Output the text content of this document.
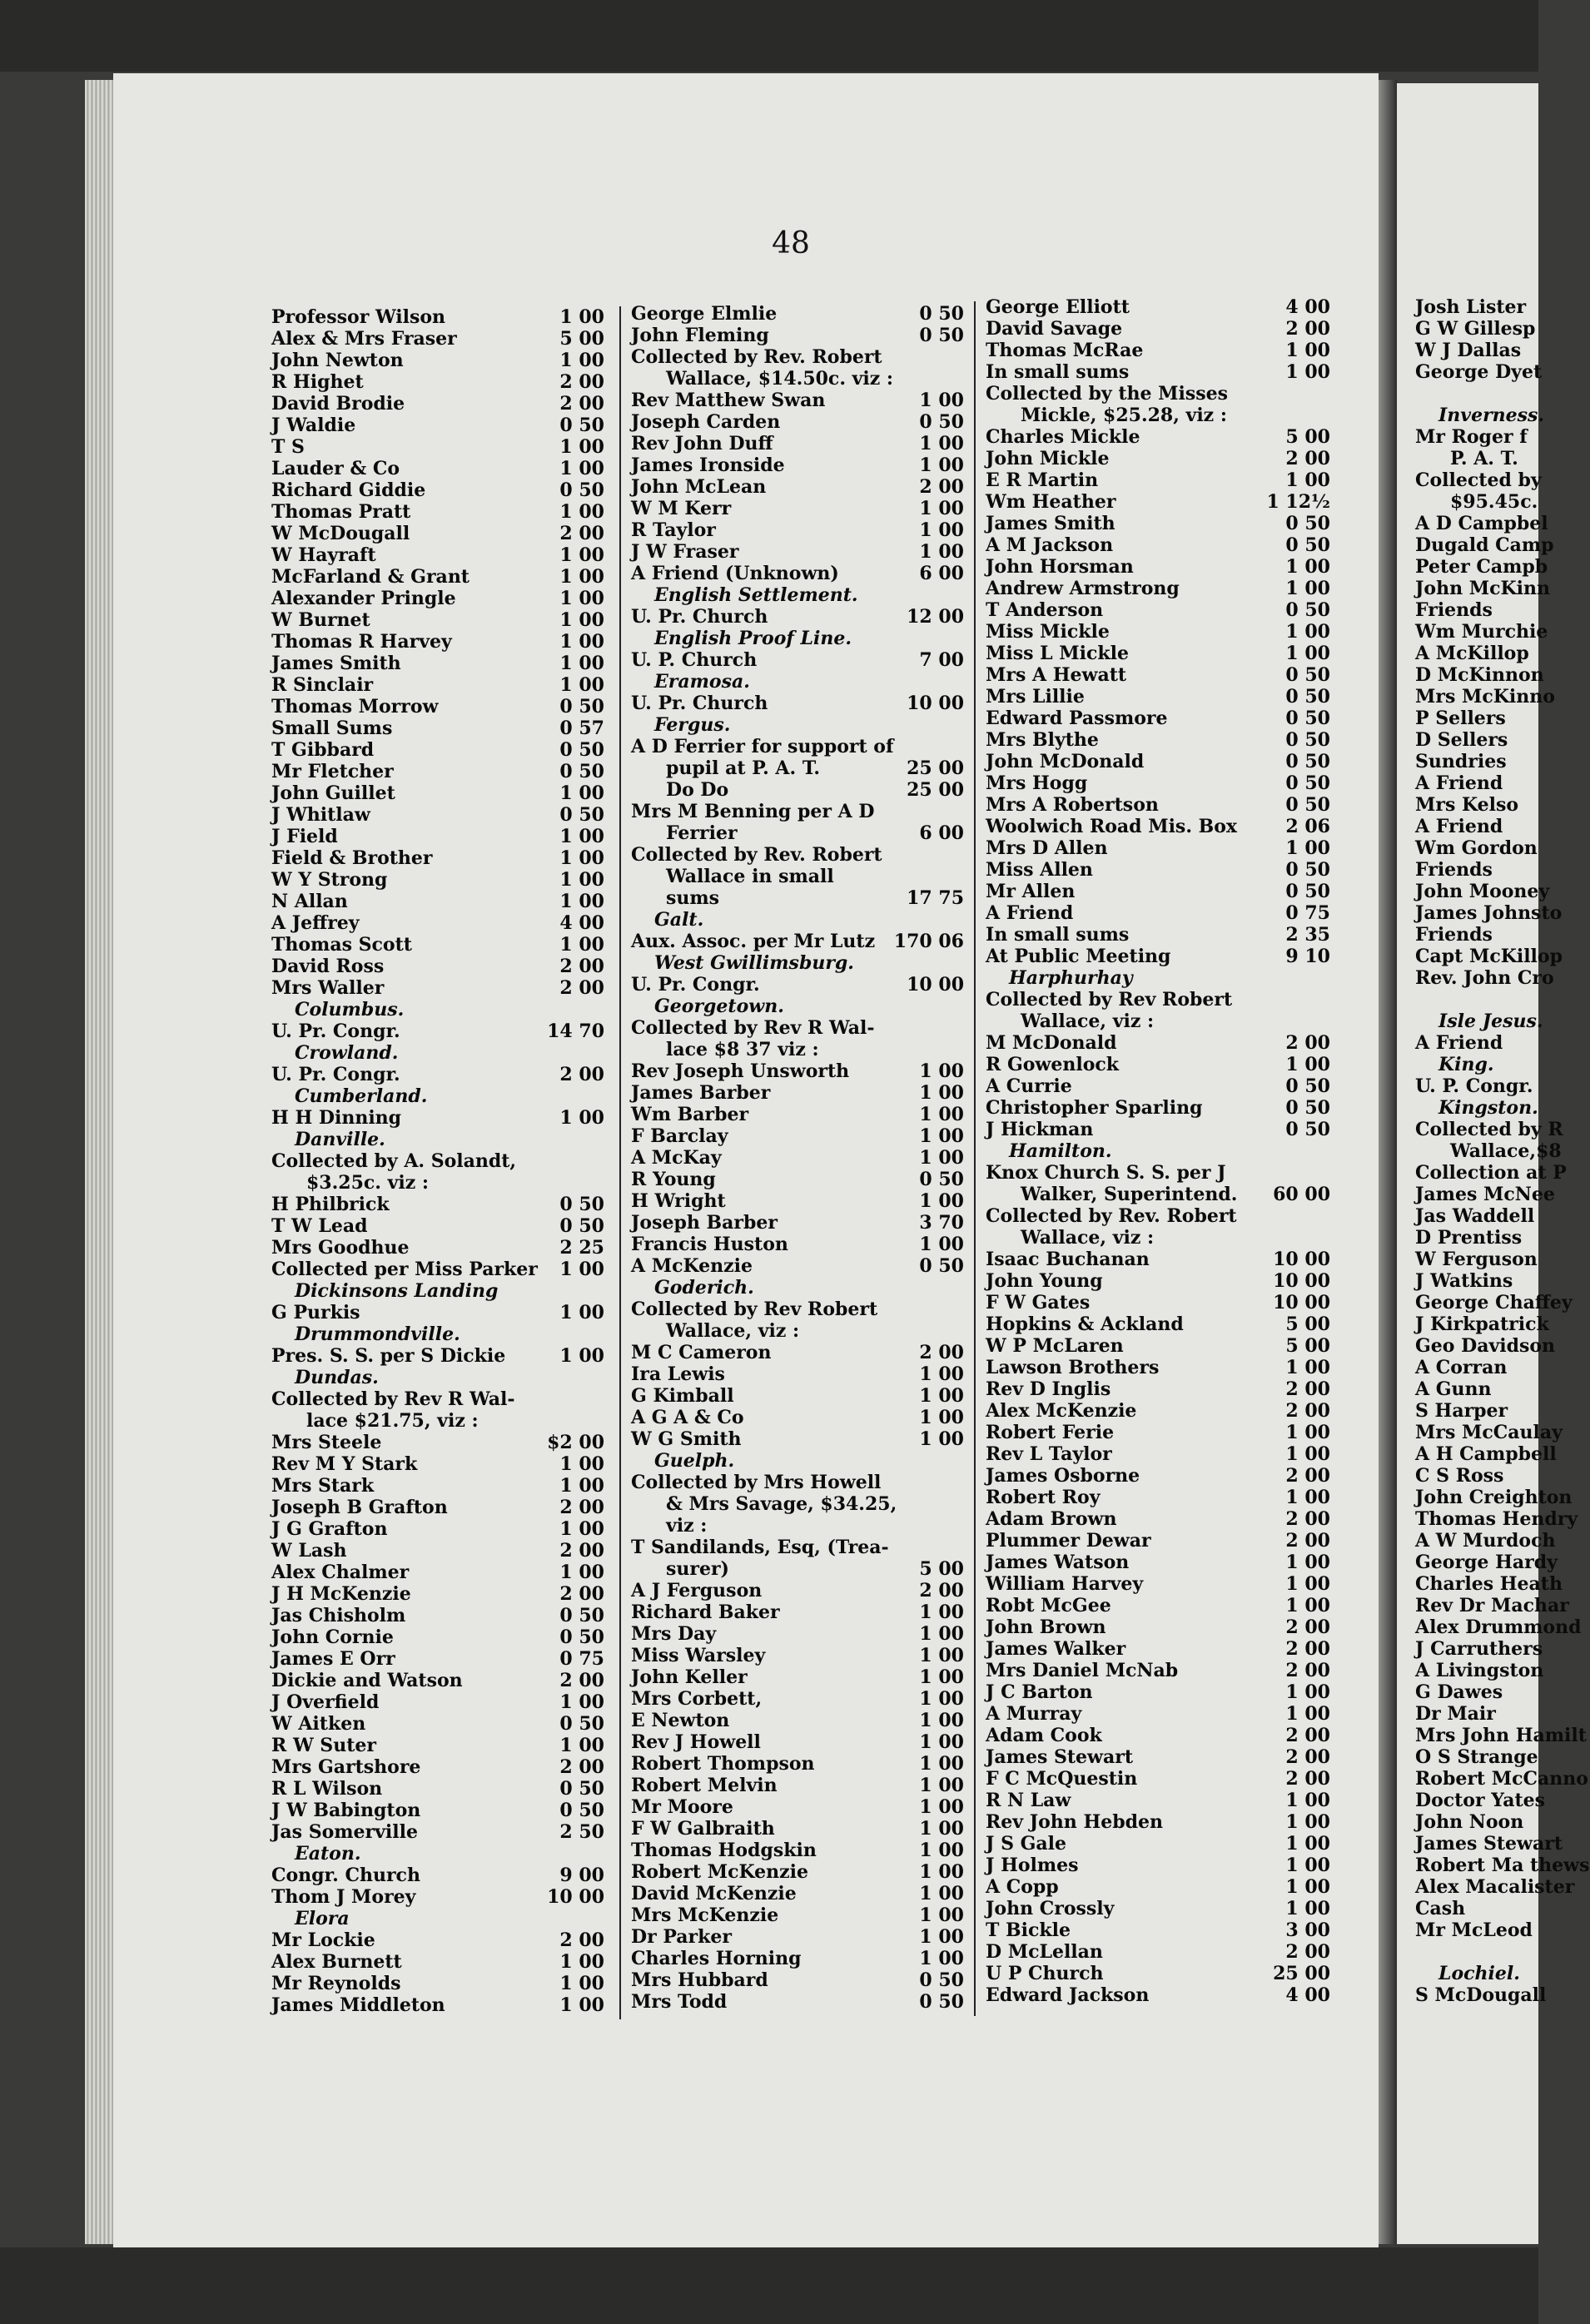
48
Professor Wilson	1 00
Alex & Mrs Fraser	5 00
John Newton	1 00
R Highet	2 00
David Brodie	2 00
J Waldie	0 50
T S	1 00
Lauder & Co	1 00
Richard Giddie	0 50
Thomas Pratt	1 00
W McDougall	2 00
W Hayraft	1 00
McFarland & Grant	1 00
Alexander Pringle	1 00
W Burnet	1 00
Thomas R Harvey	1 00
James Smith	1 00
R Sinclair	1 00
Thomas Morrow	0 50
Small Sums	0 57
T Gibbard	0 50
Mr Fletcher	0 50
John Guillet	1 00
J Whitlaw	0 50
J Field	1 00
Field & Brother	1 00
W Y Strong	1 00
N Allan	1 00
A Jeffrey	4 00
Thomas Scott	1 00
David Ross	2 00
Mrs Waller	2 00
Columbus.
U. Pr. Congr.	14 70
Crowland.
U. Pr. Congr.	2 00
Cumberland.
H H Dinning	1 00
Danville.
Collected by A. Solandt,
$3.25c. viz :
H Philbrick	0 50
T W Lead	0 50
Mrs Goodhue	2 25
Collected per Miss Parker	1 00
Dickinsons Landing
G Purkis	1 00
Drummondville.
Pres. S. S. per S Dickie	1 00
Dundas.
Collected by Rev R Wal-
lace $21.75, viz :
Mrs Steele	$2 00
Rev M Y Stark	1 00
Mrs Stark	1 00
Joseph B Grafton	2 00
J G Grafton	1 00
W Lash	2 00
Alex Chalmer	1 00
J H McKenzie	2 00
Jas Chisholm	0 50
John Cornie	0 50
James E Orr	0 75
Dickie and Watson	2 00
J Overfield	1 00
W Aitken	0 50
R W Suter	1 00
Mrs Gartshore	2 00
R L Wilson	0 50
J W Babington	0 50
Jas Somerville	2 50
Eaton.
Congr. Church	9 00
Thom J Morey	10 00
Elora
Mr Lockie	2 00
Alex Burnett	1 00
Mr Reynolds	1 00
James Middleton	1 00
George Elmlie	0 50
John Fleming	0 50
Collected by Rev. Robert
Wallace, $14.50c. viz :
Rev Matthew Swan	1 00
Joseph Carden	0 50
Rev John Duff	1 00
James Ironside	1 00
John McLean	2 00
W M Kerr	1 00
R Taylor	1 00
J W Fraser	1 00
A Friend (Unknown)	6 00
English Settlement.
U. Pr. Church	12 00
English Proof Line.
U. P. Church	7 00
Eramosa.
U. Pr. Church	10 00
Fergus.
A D Ferrier for support of
pupil at P. A. T.	25 00
Do Do	25 00
Mrs M Benning per A D
Ferrier	6 00
Collected by Rev. Robert
Wallace in small
sums	17 75
Galt.
Aux. Assoc. per Mr Lutz	170 06
West Gwillimsburg.
U. Pr. Congr.	10 00
Georgetown.
Collected by Rev R Wal-
lace $8 37 viz :
Rev Joseph Unsworth	1 00
James Barber	1 00
Wm Barber	1 00
F Barclay	1 00
A McKay	1 00
R Young	0 50
H Wright	1 00
Joseph Barber	3 70
Francis Huston	1 00
A McKenzie	0 50
Goderich.
Collected by Rev Robert
Wallace, viz :
M C Cameron	2 00
Ira Lewis	1 00
G Kimball	1 00
A G A & Co	1 00
W G Smith	1 00
Guelph.
Collected by Mrs Howell
& Mrs Savage, $34.25,
viz :
T Sandilands, Esq, (Trea-
surer)	5 00
A J Ferguson	2 00
Richard Baker	1 00
Mrs Day	1 00
Miss Warsley	1 00
John Keller	1 00
Mrs Corbett,	1 00
E Newton	1 00
Rev J Howell	1 00
Robert Thompson	1 00
Robert Melvin	1 00
Mr Moore	1 00
F W Galbraith	1 00
Thomas Hodgskin	1 00
Robert McKenzie	1 00
David McKenzie	1 00
Mrs McKenzie	1 00
Dr Parker	1 00
Charles Horning	1 00
Mrs Hubbard	0 50
Mrs Todd	0 50
George Elliott	4 00
David Savage	2 00
Thomas McRae	1 00
In small sums	1 00
Collected by the Misses
Mickle, $25.28, viz :
Charles Mickle	5 00
John Mickle	2 00
E R Martin	1 00
Wm Heather	1 12½
James Smith	0 50
A M Jackson	0 50
John Horsman	1 00
Andrew Armstrong	1 00
T Anderson	0 50
Miss Mickle	1 00
Miss L Mickle	1 00
Mrs A Hewatt	0 50
Mrs Lillie	0 50
Edward Passmore	0 50
Mrs Blythe	0 50
John McDonald	0 50
Mrs Hogg	0 50
Mrs A Robertson	0 50
Woolwich Road Mis. Box	2 06
Mrs D Allen	1 00
Miss Allen	0 50
Mr Allen	0 50
A Friend	0 75
In small sums	2 35
At Public Meeting	9 10
Harphurhay
Collected by Rev Robert
Wallace, viz :
M McDonald	2 00
R Gowenlock	1 00
A Currie	0 50
Christopher Sparling	0 50
J Hickman	0 50
Hamilton.
Knox Church S. S. per J
Walker, Superintend.	60 00
Collected by Rev. Robert
Wallace, viz :
Isaac Buchanan	10 00
John Young	10 00
F W Gates	10 00
Hopkins & Ackland	5 00
W P McLaren	5 00
Lawson Brothers	1 00
Rev D Inglis	2 00
Alex McKenzie	2 00
Robert Ferie	1 00
Rev L Taylor	1 00
James Osborne	2 00
Robert Roy	1 00
Adam Brown	2 00
Plummer Dewar	2 00
James Watson	1 00
William Harvey	1 00
Robt McGee	1 00
John Brown	2 00
James Walker	2 00
Mrs Daniel McNab	2 00
J C Barton	1 00
A Murray	1 00
Adam Cook	2 00
James Stewart	2 00
F C McQuestin	2 00
R N Law	1 00
Rev John Hebden	1 00
J S Gale	1 00
J Holmes	1 00
A Copp	1 00
John Crossly	1 00
T Bickle	3 00
D McLellan	2 00
U P Church	25 00
Edward Jackson	4 00
Josh Lister
G W Gillesp
W J Dallas
George Dyet
Inverness.
Mr Roger f
P. A. T.
Collected by
$95.45c.
A D Campbel
Dugald Camp
Peter Campb
John McKinn
Friends
Wm Murchie
A McKillop
D McKinnon
Mrs McKinno
P Sellers
D Sellers
Sundries
A Friend
Mrs Kelso
A Friend
Wm Gordon
Friends
John Mooney
James Johnsto
Friends
Capt McKillop
Rev. John Cro
Isle Jesus.
A Friend
King.
U. P. Congr.
Kingston.
Collected by R
Wallace,$8
Collection at P
James McNee
Jas Waddell
D Prentiss
W Ferguson
J Watkins
George Chaffey
J Kirkpatrick
Geo Davidson
A Corran
A Gunn
S Harper
Mrs McCaulay
A H Campbell
C S Ross
John Creighton
Thomas Hendry
A W Murdoch
George Hardy
Charles Heath
Rev Dr Machar
Alex Drummond
J Carruthers
A Livingston
G Dawes
Dr Mair
Mrs John Hamilt
O S Strange
Robert McCanno
Doctor Yates
John Noon
James Stewart
Robert Ma thews
Alex Macalister
Cash
Mr McLeod
Lochiel.
S McDougall
